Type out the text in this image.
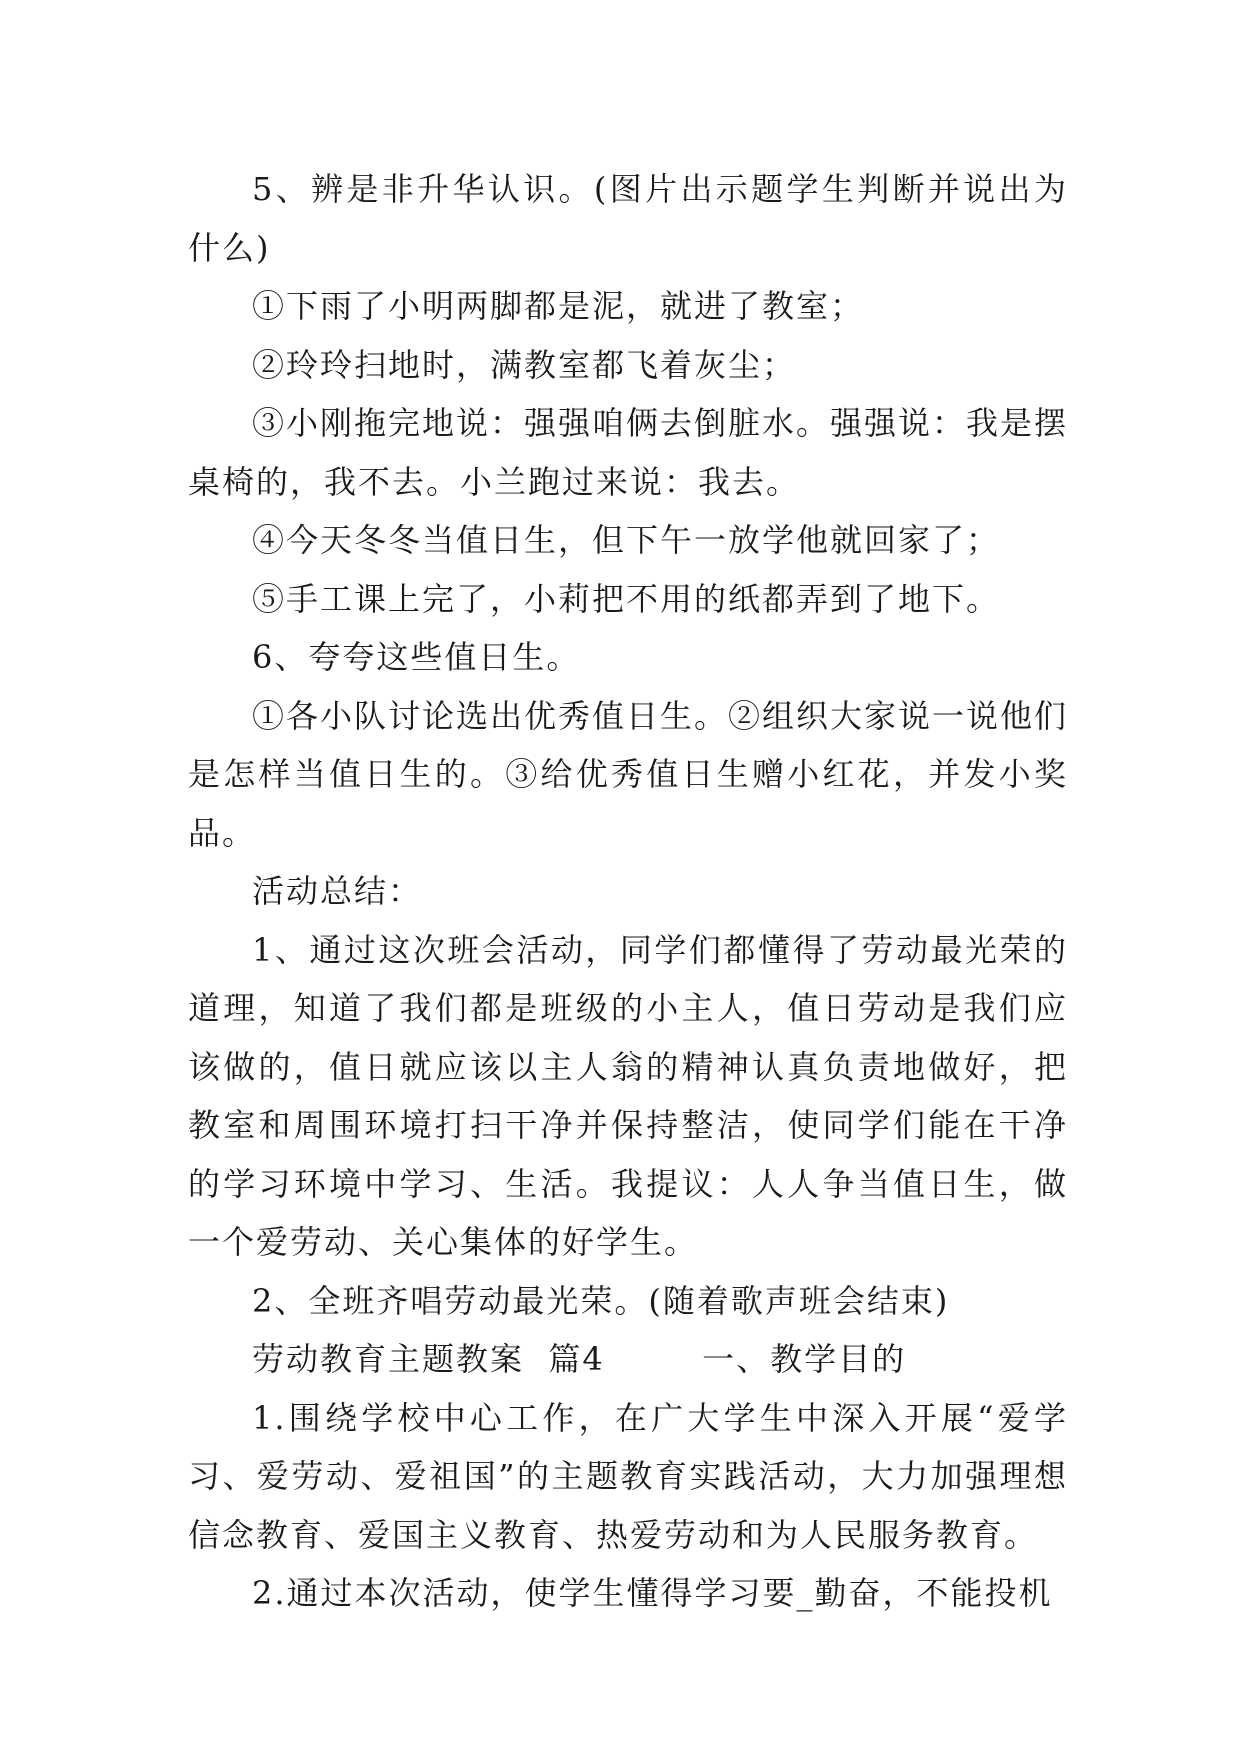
5、辨是非升华认识。(图片出示题学生判断并说出为什么)

①下雨了小明两脚都是泥，就进了教室；

②玲玲扫地时，满教室都飞着灰尘；

③小刚拖完地说：强强咱俩去倒脏水。强强说：我是摆桌椅的，我不去。小兰跑过来说：我去。

④今天冬冬当值日生，但下午一放学他就回家了；

⑤手工课上完了，小莉把不用的纸都弄到了地下。

6、夸夸这些值日生。

①各小队讨论选出优秀值日生。②组织大家说一说他们是怎样当值日生的。③给优秀值日生赠小红花，并发小奖品。

活动总结：

1、通过这次班会活动，同学们都懂得了劳动最光荣的道理，知道了我们都是班级的小主人，值日劳动是我们应该做的，值日就应该以主人翁的精神认真负责地做好，把教室和周围环境打扫干净并保持整洁，使同学们能在干净的学习环境中学习、生活。我提议：人人争当值日生，做一个爱劳动、关心集体的好学生。

2、全班齐唱劳动最光荣。(随着歌声班会结束)

劳动教育主题教案  篇4        一、教学目的

1.围绕学校中心工作，在广大学生中深入开展“爱学习、爱劳动、爱祖国”的主题教育实践活动，大力加强理想信念教育、爱国主义教育、热爱劳动和为人民服务教育。

2.通过本次活动，使学生懂得学习要_勤奋，不能投机
